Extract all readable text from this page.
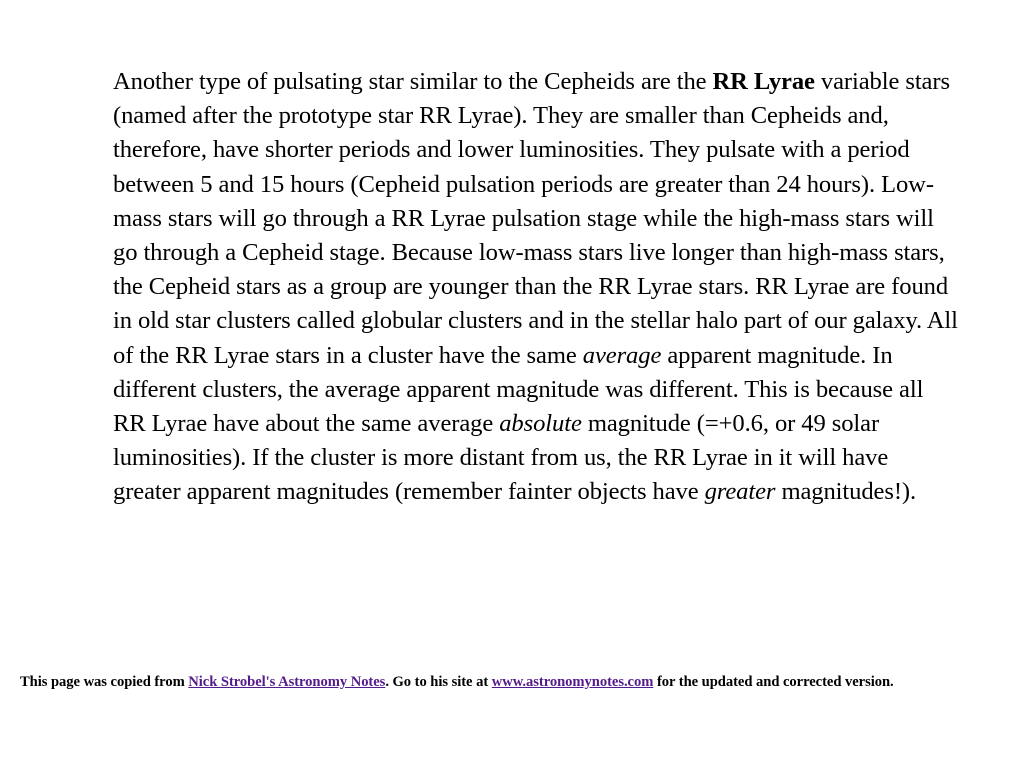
Another type of pulsating star similar to the Cepheids are the RR Lyrae variable stars (named after the prototype star RR Lyrae). They are smaller than Cepheids and, therefore, have shorter periods and lower luminosities. They pulsate with a period between 5 and 15 hours (Cepheid pulsation periods are greater than 24 hours). Low-mass stars will go through a RR Lyrae pulsation stage while the high-mass stars will go through a Cepheid stage. Because low-mass stars live longer than high-mass stars, the Cepheid stars as a group are younger than the RR Lyrae stars. RR Lyrae are found in old star clusters called globular clusters and in the stellar halo part of our galaxy. All of the RR Lyrae stars in a cluster have the same average apparent magnitude. In different clusters, the average apparent magnitude was different. This is because all RR Lyrae have about the same average absolute magnitude (=+0.6, or 49 solar luminosities). If the cluster is more distant from us, the RR Lyrae in it will have greater apparent magnitudes (remember fainter objects have greater magnitudes!).

This page was copied from Nick Strobel's Astronomy Notes. Go to his site at www.astronomynotes.com for the updated and corrected version.
